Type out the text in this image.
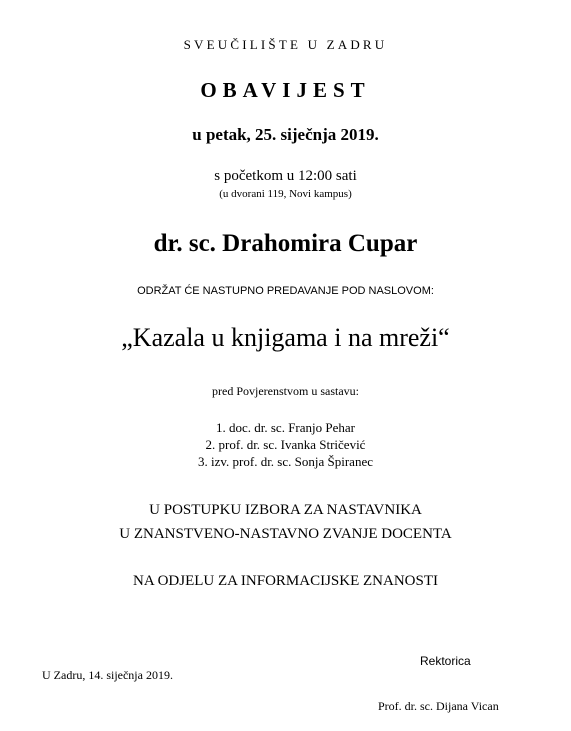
SVEUČILIŠTE U ZADRU
OBAVIJEST
u petak, 25. siječnja 2019.
s početkom u 12:00 sati
(u dvorani 119, Novi kampus)
dr. sc. Drahomira Cupar
ODRŽAT ĆE NASTUPNO PREDAVANJE POD NASLOVOM:
„Kazala u knjigama i na mreži“
pred Povjerenstvom u sastavu:
1. doc. dr. sc. Franjo Pehar
2. prof. dr. sc. Ivanka Stričević
3. izv. prof. dr. sc. Sonja Špiranec
U POSTUPKU IZBORA ZA NASTAVNIKA
U ZNANSTVENO-NASTAVNO ZVANJE DOCENTA
NA ODJELU ZA INFORMACIJSKE ZNANOSTI
Rektorica
U Zadru, 14. siječnja 2019.
Prof. dr. sc. Dijana Vican
